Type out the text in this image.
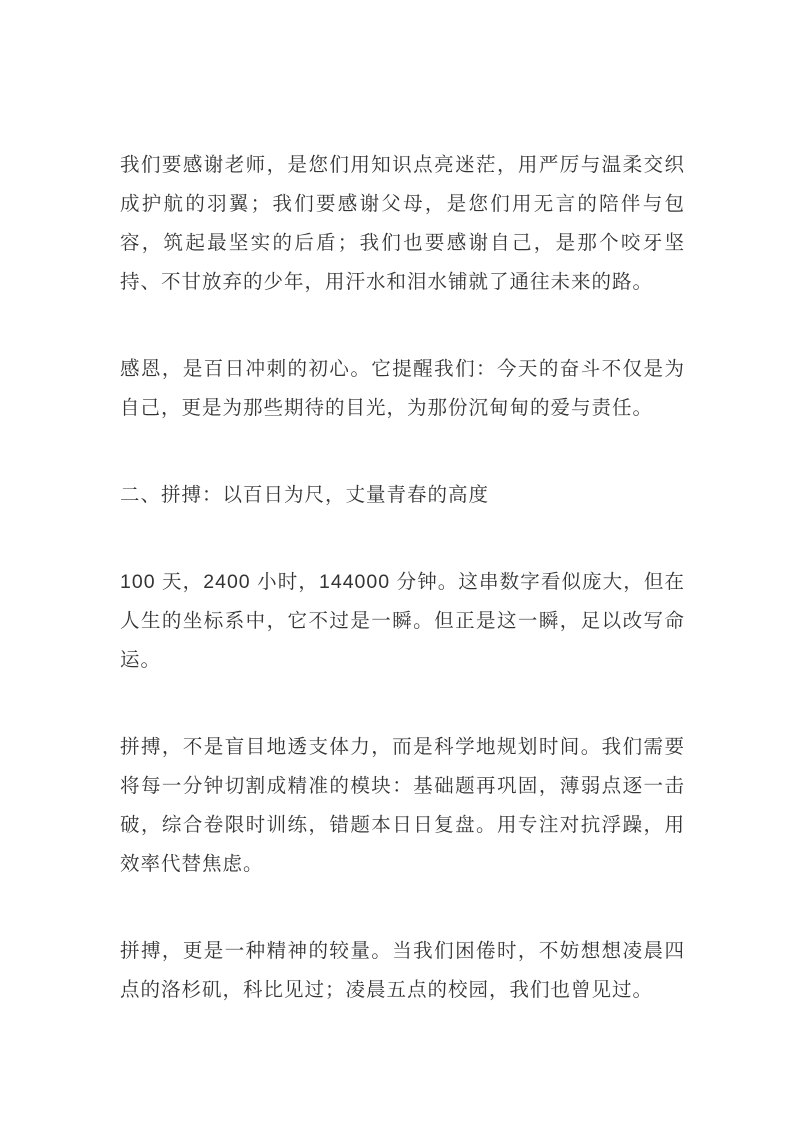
我们要感谢老师，是您们用知识点亮迷茫，用严厉与温柔交织成护航的羽翼；我们要感谢父母，是您们用无言的陪伴与包容，筑起最坚实的后盾；我们也要感谢自己，是那个咬牙坚持、不甘放弃的少年，用汗水和泪水铺就了通往未来的路。

感恩，是百日冲刺的初心。它提醒我们：今天的奋斗不仅是为自己，更是为那些期待的目光，为那份沉甸甸的爱与责任。

二、拼搏：以百日为尺，丈量青春的高度

100 天，2400 小时，144000 分钟。这串数字看似庞大，但在人生的坐标系中，它不过是一瞬。但正是这一瞬，足以改写命运。

拼搏，不是盲目地透支体力，而是科学地规划时间。我们需要将每一分钟切割成精准的模块：基础题再巩固，薄弱点逐一击破，综合卷限时训练，错题本日日复盘。用专注对抗浮躁，用效率代替焦虑。

拼搏，更是一种精神的较量。当我们困倦时，不妨想想凌晨四点的洛杉矶，科比见过；凌晨五点的校园，我们也曾见过。
